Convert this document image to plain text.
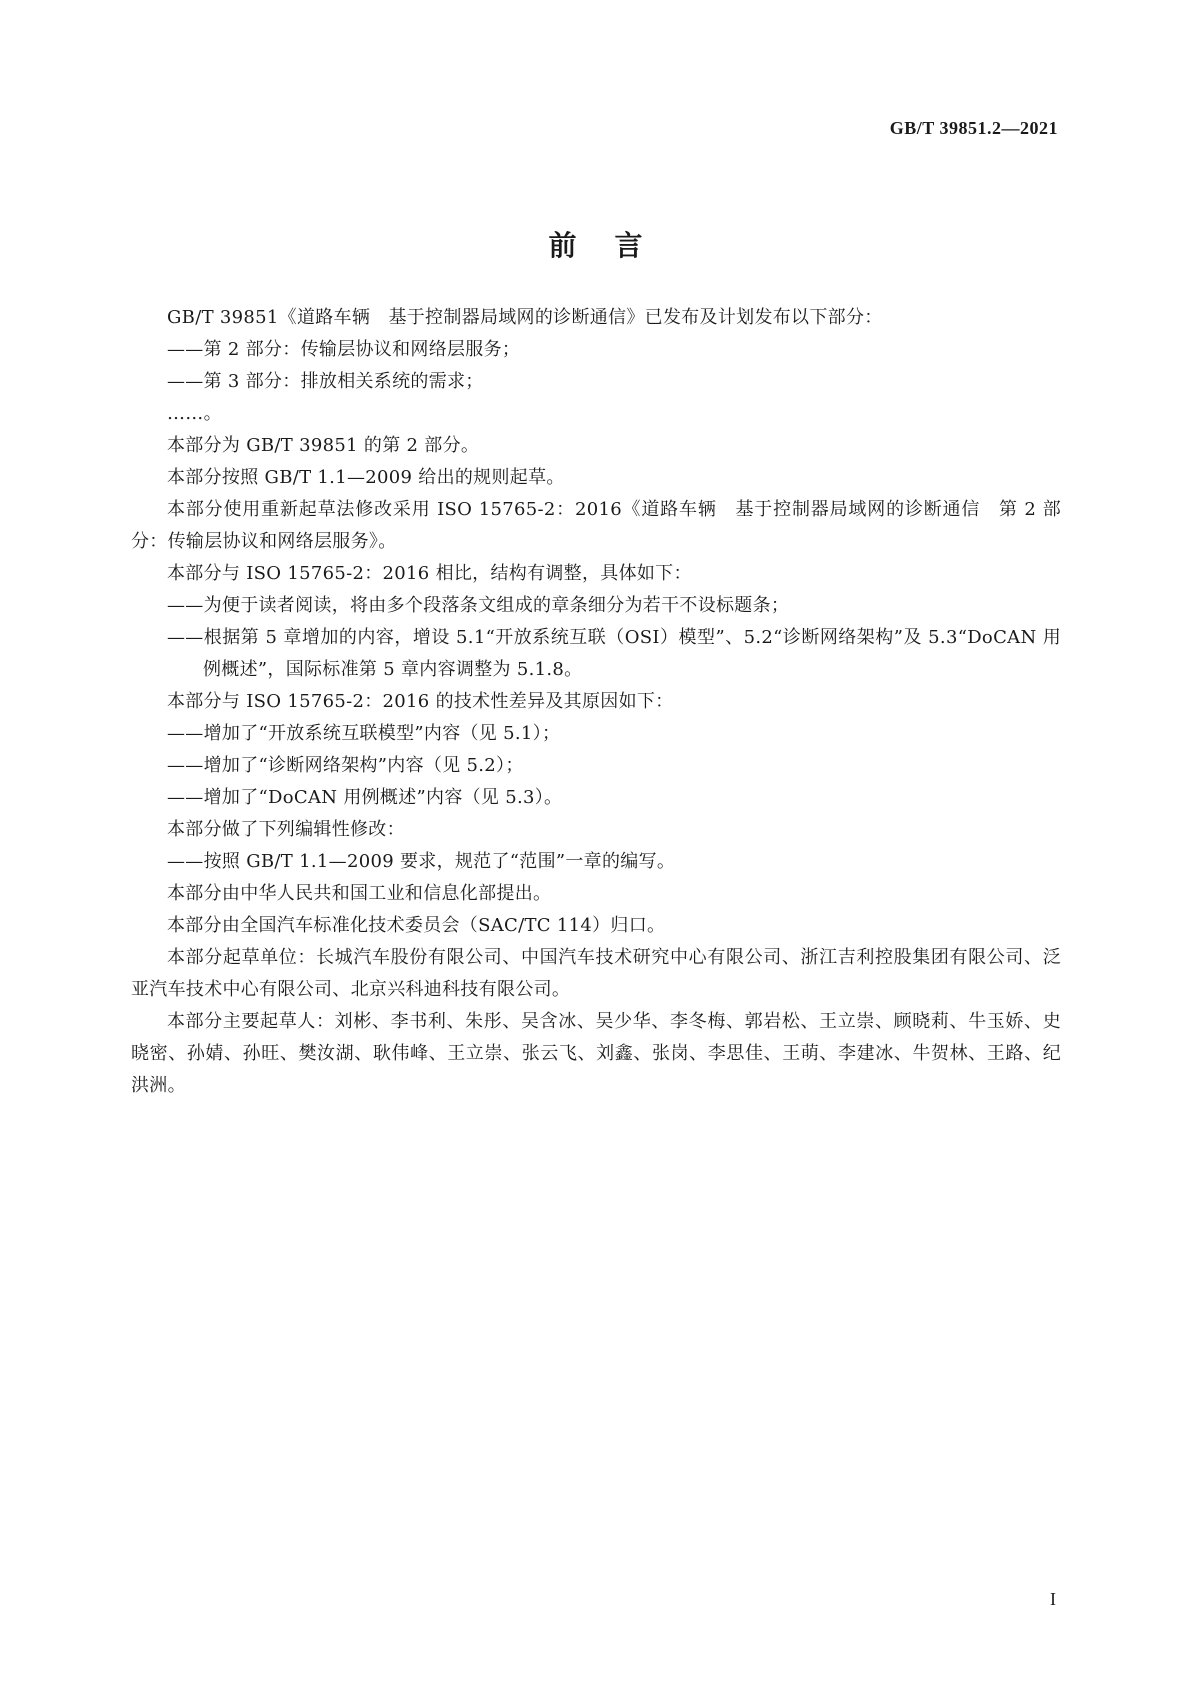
GB/T 39851.2—2021
前言

GB/T 39851《道路车辆　基于控制器局域网的诊断通信》已发布及计划发布以下部分：

——第 2 部分：传输层协议和网络层服务；

——第 3 部分：排放相关系统的需求；

……。

本部分为 GB/T 39851 的第 2 部分。

本部分按照 GB/T 1.1—2009 给出的规则起草。

本部分使用重新起草法修改采用 ISO 15765-2：2016《道路车辆　基于控制器局域网的诊断通信　第 2 部分：传输层协议和网络层服务》。

本部分与 ISO 15765-2：2016 相比，结构有调整，具体如下：

——为便于读者阅读，将由多个段落条文组成的章条细分为若干不设标题条；

——根据第 5 章增加的内容，增设 5.1“开放系统互联（OSI）模型”、5.2“诊断网络架构”及 5.3“DoCAN 用例概述”，国际标准第 5 章内容调整为 5.1.8。

本部分与 ISO 15765-2：2016 的技术性差异及其原因如下：

——增加了“开放系统互联模型”内容（见 5.1）；

——增加了“诊断网络架构”内容（见 5.2）；

——增加了“DoCAN 用例概述”内容（见 5.3）。

本部分做了下列编辑性修改：

——按照 GB/T 1.1—2009 要求，规范了“范围”一章的编写。

本部分由中华人民共和国工业和信息化部提出。

本部分由全国汽车标准化技术委员会（SAC/TC 114）归口。

本部分起草单位：长城汽车股份有限公司、中国汽车技术研究中心有限公司、浙江吉利控股集团有限公司、泛亚汽车技术中心有限公司、北京兴科迪科技有限公司。

本部分主要起草人：刘彬、李书利、朱彤、吴含冰、吴少华、李冬梅、郭岩松、王立崇、顾晓莉、牛玉娇、史晓密、孙婧、孙旺、樊汝湖、耿伟峰、王立崇、张云飞、刘鑫、张岗、李思佳、王萌、李建冰、牛贺林、王路、纪洪洲。

I
